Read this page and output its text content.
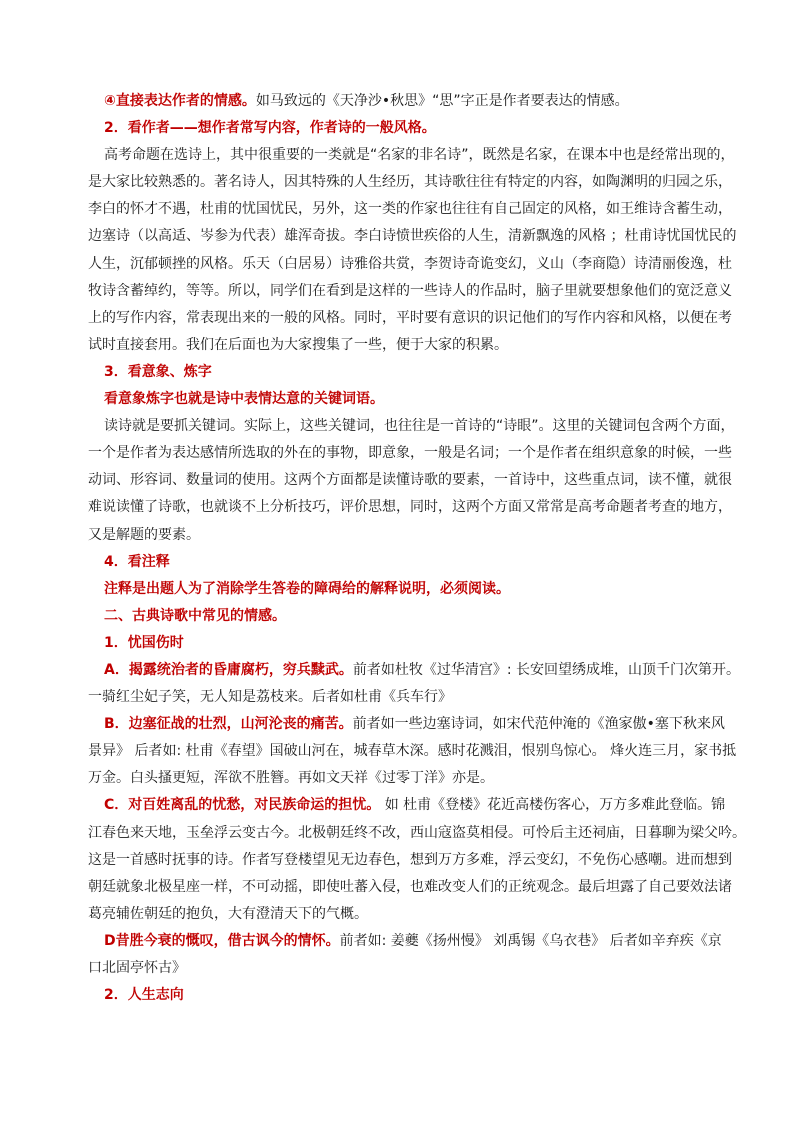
④直接表达作者的情感。如马致远的《天净沙•秋思》“思”字正是作者要表达的情感。
2．看作者——想作者常写内容，作者诗的一般风格。
高考命题在选诗上，其中很重要的一类就是“名家的非名诗”，既然是名家，在课本中也是经常出现的，
是大家比较熟悉的。著名诗人，因其特殊的人生经历，其诗歌往往有特定的内容，如陶渊明的归园之乐，
李白的怀才不遇，杜甫的忧国忧民，另外，这一类的作家也往往有自己固定的风格，如王维诗含蓄生动，
边塞诗（以高适、岑参为代表）雄浑奇拔。李白诗愤世疾俗的人生，清新飘逸的风格 ；杜甫诗忧国忧民的
人生，沉郁顿挫的风格。乐天（白居易）诗雅俗共赏，李贺诗奇诡变幻，义山（李商隐）诗清丽俊逸，杜
牧诗含蓄绰约，等等。所以，同学们在看到是这样的一些诗人的作品时，脑子里就要想象他们的宽泛意义
上的写作内容，常表现出来的一般的风格。同时，平时要有意识的识记他们的写作内容和风格，以便在考
试时直接套用。我们在后面也为大家搜集了一些，便于大家的积累。
3．看意象、炼字
看意象炼字也就是诗中表情达意的关键词语。
读诗就是要抓关键词。实际上，这些关键词，也往往是一首诗的“诗眼”。这里的关键词包含两个方面，
一个是作者为表达感情所选取的外在的事物，即意象，一般是名词；一个是作者在组织意象的时候，一些
动词、形容词、数量词的使用。这两个方面都是读懂诗歌的要素，一首诗中，这些重点词，读不懂，就很
难说读懂了诗歌，也就谈不上分析技巧，评价思想，同时，这两个方面又常常是高考命题者考查的地方，
又是解题的要素。
4．看注释
注释是出题人为了消除学生答卷的障碍给的解释说明，必须阅读。
二、古典诗歌中常见的情感。
1．忧国伤时
A．揭露统治者的昏庸腐朽，穷兵黩武。前者如杜牧《过华清宫》: 长安回望绣成堆，山顶千门次第开。
一骑红尘妃子笑，无人知是荔枝来。后者如杜甫《兵车行》
B．边塞征战的壮烈，山河沦丧的痛苦。前者如一些边塞诗词，如宋代范仲淹的《渔家傲•塞下秋来风
景异》 后者如: 杜甫《春望》国破山河在，城春草木深。感时花溅泪，恨别鸟惊心。 烽火连三月，家书抵
万金。白头搔更短，浑欲不胜簪。再如文天祥《过零丁洋》亦是。
C．对百姓离乱的忧愁，对民族命运的担忧。 如 杜甫《登楼》花近高楼伤客心，万方多难此登临。锦
江春色来天地，玉垒浮云变古今。北极朝廷终不改，西山寇盗莫相侵。可怜后主还祠庙，日暮聊为梁父吟。
这是一首感时抚事的诗。作者写登楼望见无边春色，想到万方多难，浮云变幻，不免伤心感嘲。进而想到
朝廷就象北极星座一样，不可动摇，即使吐蕃入侵，也难改变人们的正统观念。最后坦露了自己要效法诸
葛亮辅佐朝廷的抱负，大有澄清天下的气概。
D昔胜今衰的慨叹，借古讽今的情怀。前者如: 姜夔《扬州慢》 刘禹锡《乌衣巷》 后者如辛弃疾《京
口北固亭怀古》
2．人生志向
